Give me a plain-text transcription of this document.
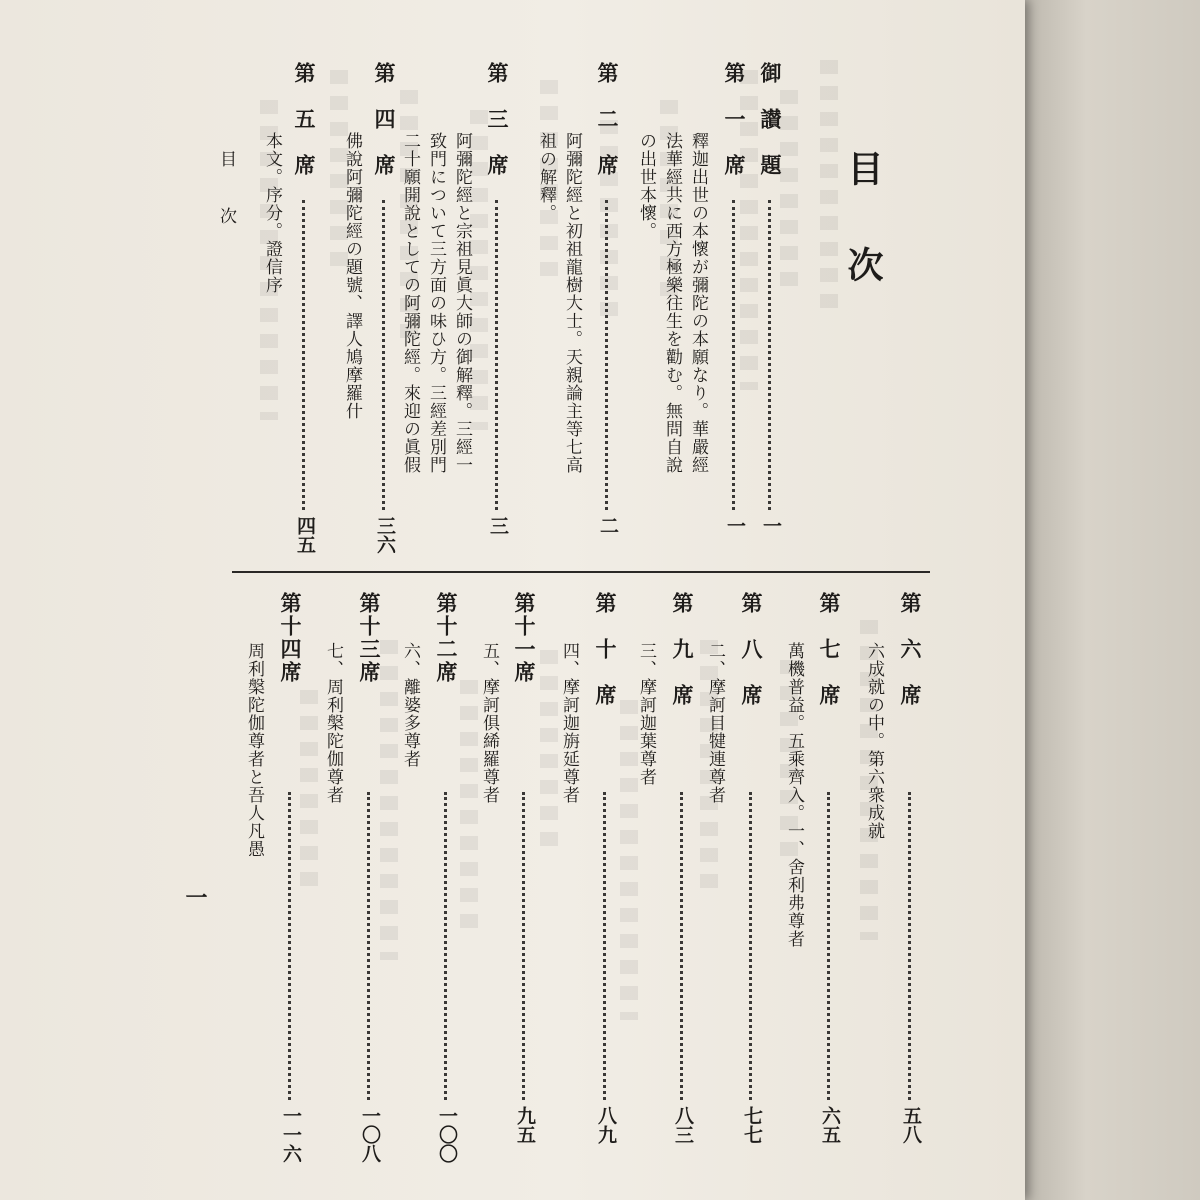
目次
御　讃　題
一
第　一　席
釋迦出世の本懷が彌陀の本願なり。華嚴經
法華經共に西方極樂往生を勸む。無問自說
の出世本懷。
一
第　二　席
阿彌陀經と初祖龍樹大士。天親論主等七高
祖の解釋。
二
第　三　席
阿彌陀經と宗祖見眞大師の御解釋。三經一
致門について三方面の味ひ方。三經差別門
二十願開說としての阿彌陀經。來迎の眞假
三
第　四　席
佛說阿彌陀經の題號、譯人鳩摩羅什
三六
第　五　席
本文。序分。證信序
四五
第　六　席
六成就の中。第六衆成就
五八
第　七　席
萬機普益。五乘齊入。一、舍利弗尊者
六五
第　八　席
二、摩訶目犍連尊者
七七
第　九　席
三、摩訶迦葉尊者
八三
第　十　席
四、摩訶迦旃延尊者
八九
第十一席
五、摩訶俱絺羅尊者
九五
第十二席
六、離婆多尊者
一〇〇
第十三席
七、周利槃陀伽尊者
一〇八
第十四席
周利槃陀伽尊者と吾人凡愚
一一六
目次
一
